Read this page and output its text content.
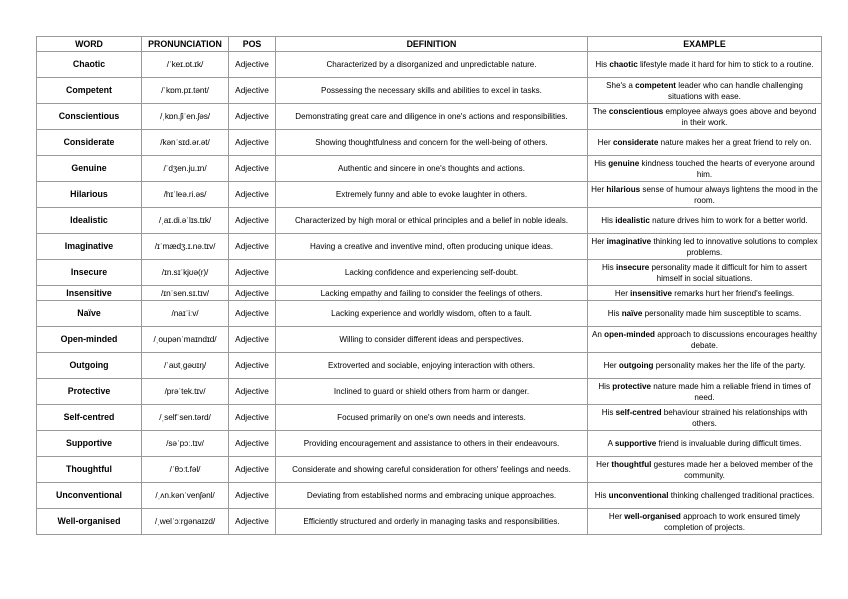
WORD	PRONUNCIATION	POS	DEFINITION	EXAMPLE
Chaotic	/ˈkeɪ.ɒt.ɪk/	Adjective	Characterized by a disorganized and unpredictable nature.	His chaotic lifestyle made it hard for him to stick to a routine.
Competent	/ˈkɒm.pɪ.tənt/	Adjective	Possessing the necessary skills and abilities to excel in tasks.	She's a competent leader who can handle challenging situations with ease.
Conscientious	/ˌkɒn.ʃiˈen.ʃəs/	Adjective	Demonstrating great care and diligence in one's actions and responsibilities.	The conscientious employee always goes above and beyond in their work.
Considerate	/kənˈsɪd.ər.ət/	Adjective	Showing thoughtfulness and concern for the well-being of others.	Her considerate nature makes her a great friend to rely on.
Genuine	/ˈdʒen.ju.ɪn/	Adjective	Authentic and sincere in one's thoughts and actions.	His genuine kindness touched the hearts of everyone around him.
Hilarious	/hɪˈleə.ri.əs/	Adjective	Extremely funny and able to evoke laughter in others.	Her hilarious sense of humour always lightens the mood in the room.
Idealistic	/ˌaɪ.di.əˈlɪs.tɪk/	Adjective	Characterized by high moral or ethical principles and a belief in noble ideals.	His idealistic nature drives him to work for a better world.
Imaginative	/ɪˈmædʒ.ɪ.nə.tɪv/	Adjective	Having a creative and inventive mind, often producing unique ideas.	Her imaginative thinking led to innovative solutions to complex problems.
Insecure	/ɪn.sɪˈkjʊə(r)/	Adjective	Lacking confidence and experiencing self-doubt.	His insecure personality made it difficult for him to assert himself in social situations.
Insensitive	/ɪnˈsen.sɪ.tɪv/	Adjective	Lacking empathy and failing to consider the feelings of others.	Her insensitive remarks hurt her friend's feelings.
Naïve	/naɪˈiːv/	Adjective	Lacking experience and worldly wisdom, often to a fault.	His naïve personality made him susceptible to scams.
Open-minded	/ˌoupənˈmaɪndɪd/	Adjective	Willing to consider different ideas and perspectives.	An open-minded approach to discussions encourages healthy debate.
Outgoing	/ˈaʊtˌɡəʊɪŋ/	Adjective	Extroverted and sociable, enjoying interaction with others.	Her outgoing personality makes her the life of the party.
Protective	/prəˈtek.tɪv/	Adjective	Inclined to guard or shield others from harm or danger.	His protective nature made him a reliable friend in times of need.
Self-centred	/ˌselfˈsen.tərd/	Adjective	Focused primarily on one's own needs and interests.	His self-centred behaviour strained his relationships with others.
Supportive	/səˈpɔː.tɪv/	Adjective	Providing encouragement and assistance to others in their endeavours.	A supportive friend is invaluable during difficult times.
Thoughtful	/ˈθɔːt.fəl/	Adjective	Considerate and showing careful consideration for others' feelings and needs.	Her thoughtful gestures made her a beloved member of the community.
Unconventional	/ˌʌn.kənˈvenʃənl/	Adjective	Deviating from established norms and embracing unique approaches.	His unconventional thinking challenged traditional practices.
Well-organised	/ˌwelˈɔːrɡənaɪzd/	Adjective	Efficiently structured and orderly in managing tasks and responsibilities.	Her well-organised approach to work ensured timely completion of projects.
